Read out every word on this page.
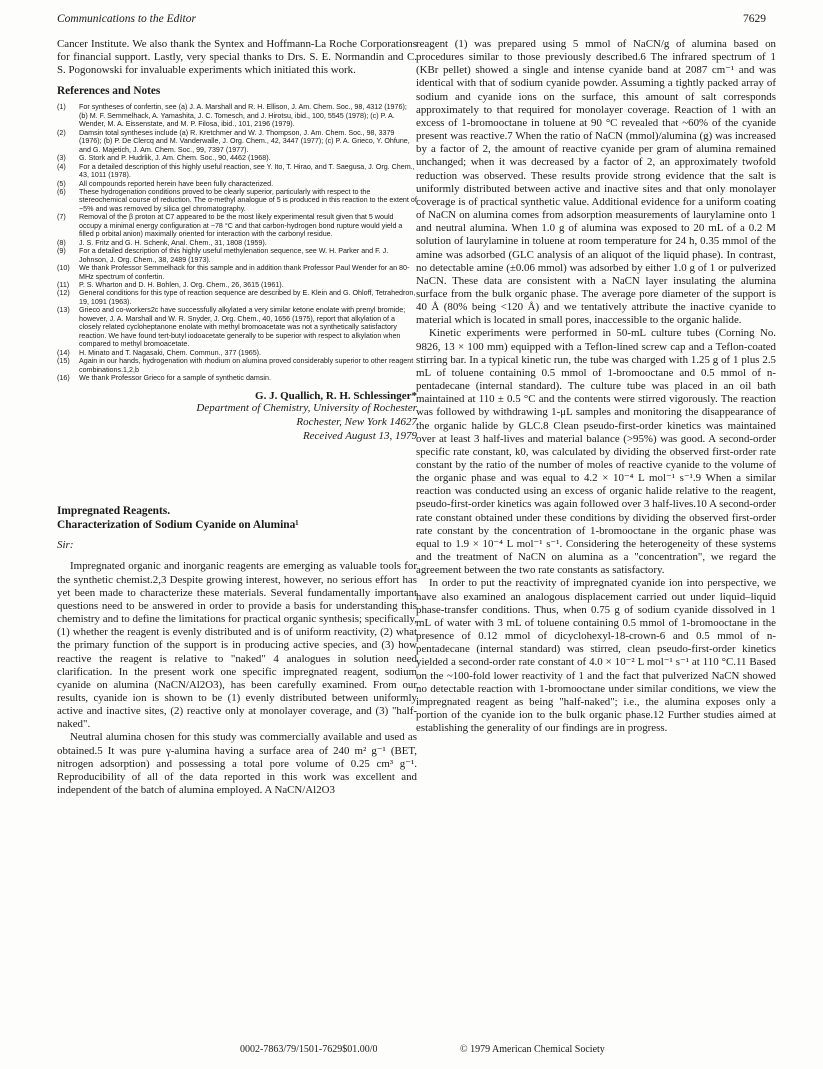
Communications to the Editor	7629

Cancer Institute. We also thank the Syntex and Hoffmann-La Roche Corporations for financial support. Lastly, very special thanks to Drs. S. E. Normandin and C. S. Pogonowski for invaluable experiments which initiated this work.

References and Notes
(1) For syntheses of confertin, see (a) J. A. Marshall and R. H. Ellison, J. Am. Chem. Soc., 98, 4312 (1976); (b) M. F. Semmelhack, A. Yamashita, J. C. Tomesch, and J. Hirotsu, ibid., 100, 5545 (1978); (c) P. A. Wender, M. A. Eissenstate, and M. P. Filosa, ibid., 101, 2196 (1979).
(2) Damsin total syntheses include (a) R. Kretchmer and W. J. Thompson, J. Am. Chem. Soc., 98, 3379 (1976); (b) P. De Clercq and M. Vanderwalle, J. Org. Chem., 42, 3447 (1977); (c) P. A. Grieco, Y. Ohfune, and G. Majetich, J. Am. Chem. Soc., 99, 7397 (1977).
(3) G. Stork and P. Hudrlik, J. Am. Chem. Soc., 90, 4462 (1968).
(4) For a detailed description of this highly useful reaction, see Y. Ito, T. Hirao, and T. Saegusa, J. Org. Chem., 43, 1011 (1978).
(5) All compounds reported herein have been fully characterized.
(6) These hydrogenation conditions proved to be clearly superior, particularly with respect to the stereochemical course of reduction. The α-methyl analogue of 5 is produced in this reaction to the extent of ~5% and was removed by silica gel chromatography.
(7) Removal of the β proton at C7 appeared to be the most likely experimental result given that 5 would occupy a minimal energy configuration at −78 °C and that carbon-hydrogen bond rupture would yield a filled p orbital anion) maximally oriented for interaction with the carbonyl residue.
(8) J. S. Fritz and G. H. Schenk, Anal. Chem., 31, 1808 (1959).
(9) For a detailed description of this highly useful methylenation sequence, see W. H. Parker and F. J. Johnson, J. Org. Chem., 38, 2489 (1973).
(10) We thank Professor Semmelhack for this sample and in addition thank Professor Paul Wender for an 80-MHz spectrum of confertin.
(11) P. S. Wharton and D. H. Bohlen, J. Org. Chem., 26, 3615 (1961).
(12) General conditions for this type of reaction sequence are described by E. Klein and G. Ohloff, Tetrahedron, 19, 1091 (1963).
(13) Grieco and co-workers2c have successfully alkylated a very similar ketone enolate with prenyl bromide; however, J. A. Marshall and W. R. Snyder, J. Org. Chem., 40, 1656 (1975), report that alkylation of a closely related cycloheptanone enolate with methyl bromoacetate was not a synthetically satisfactory reaction. We have found tert-butyl iodoacetate generally to be superior with respect to alkylation when compared to methyl bromoacetate.
(14) H. Minato and T. Nagasaki, Chem. Commun., 377 (1965).
(15) Again in our hands, hydrogenation with rhodium on alumina proved considerably superior to other reagent combinations.1,2,b
(16) We thank Professor Grieco for a sample of synthetic damsin.
G. J. Quallich, R. H. Schlessinger*
Department of Chemistry, University of Rochester
Rochester, New York 14627
Received August 13, 1979
Impregnated Reagents.
Characterization of Sodium Cyanide on Alumina¹
Sir:

Impregnated organic and inorganic reagents are emerging as valuable tools for the synthetic chemist.2,3 Despite growing interest, however, no serious effort has yet been made to characterize these materials. Several fundamentally important questions need to be answered in order to provide a basis for understanding this chemistry and to define the limitations for practical organic synthesis; specifically, (1) whether the reagent is evenly distributed and is of uniform reactivity, (2) what the primary function of the support is in producing active species, and (3) how reactive the reagent is relative to "naked" 4 analogues in solution need clarification. In the present work one specific impregnated reagent, sodium cyanide on alumina (NaCN/Al2O3), has been carefully examined. From our results, cyanide ion is shown to be (1) evenly distributed between uniformly active and inactive sites, (2) reactive only at monolayer coverage, and (3) "half-naked".

Neutral alumina chosen for this study was commercially available and used as obtained.5 It was pure γ-alumina having a surface area of 240 m² g⁻¹ (BET, nitrogen adsorption) and possessing a total pore volume of 0.25 cm³ g⁻¹. Reproducibility of all of the data reported in this work was excellent and independent of the batch of alumina employed. A NaCN/Al2O3

reagent (1) was prepared using 5 mmol of NaCN/g of alumina based on procedures similar to those previously described.6 The infrared spectrum of 1 (KBr pellet) showed a single and intense cyanide band at 2087 cm⁻¹ and was identical with that of sodium cyanide powder. Assuming a tightly packed array of sodium and cyanide ions on the surface, this amount of salt corresponds approximately to that required for monolayer coverage. Reaction of 1 with an excess of 1-bromooctane in toluene at 90 °C revealed that ~60% of the cyanide present was reactive.7 When the ratio of NaCN (mmol)/alumina (g) was increased by a factor of 2, the amount of reactive cyanide per gram of alumina remained unchanged; when it was decreased by a factor of 2, an approximately twofold reduction was observed. These results provide strong evidence that the salt is uniformly distributed between active and inactive sites and that only monolayer coverage is of practical synthetic value. Additional evidence for a uniform coating of NaCN on alumina comes from adsorption measurements of laurylamine onto 1 and neutral alumina. When 1.0 g of alumina was exposed to 20 mL of a 0.2 M solution of laurylamine in toluene at room temperature for 24 h, 0.35 mmol of the amine was adsorbed (GLC analysis of an aliquot of the liquid phase). In contrast, no detectable amine (±0.06 mmol) was adsorbed by either 1.0 g of 1 or pulverized NaCN. These data are consistent with a NaCN layer insulating the alumina surface from the bulk organic phase. The average pore diameter of the support is 40 Å (80% being <120 Å) and we tentatively attribute the inactive cyanide to material which is located in small pores, inaccessible to the organic halide.

Kinetic experiments were performed in 50-mL culture tubes (Corning No. 9826, 13 × 100 mm) equipped with a Teflon-lined screw cap and a Teflon-coated stirring bar. In a typical kinetic run, the tube was charged with 1.25 g of 1 plus 2.5 mL of toluene containing 0.5 mmol of 1-bromooctane and 0.5 mmol of n-pentadecane (internal standard). The culture tube was placed in an oil bath maintained at 110 ± 0.5 °C and the contents were stirred vigorously. The reaction was followed by withdrawing 1-μL samples and monitoring the disappearance of the organic halide by GLC.8 Clean pseudo-first-order kinetics was maintained over at least 3 half-lives and material balance (>95%) was good. A second-order specific rate constant, k0, was calculated by dividing the observed first-order rate constant by the ratio of the number of moles of reactive cyanide to the volume of the organic phase and was equal to 4.2 × 10⁻⁴ L mol⁻¹ s⁻¹.9 When a similar reaction was conducted using an excess of organic halide relative to the reagent, pseudo-first-order kinetics was again followed over 3 half-lives.10 A second-order rate constant obtained under these conditions by dividing the observed first-order rate constant by the concentration of 1-bromooctane in the organic phase was equal to 1.9 × 10⁻⁴ L mol⁻¹ s⁻¹. Considering the heterogeneity of these systems and the treatment of NaCN on alumina as a "concentration", we regard the agreement between the two rate constants as satisfactory.

In order to put the reactivity of impregnated cyanide ion into perspective, we have also examined an analogous displacement carried out under liquid–liquid phase-transfer conditions. Thus, when 0.75 g of sodium cyanide dissolved in 1 mL of water with 3 mL of toluene containing 0.5 mmol of 1-bromooctane in the presence of 0.12 mmol of dicyclohexyl-18-crown-6 and 0.5 mmol of n-pentadecane (internal standard) was stirred, clean pseudo-first-order kinetics yielded a second-order rate constant of 4.0 × 10⁻² L mol⁻¹ s⁻¹ at 110 °C.11 Based on the ~100-fold lower reactivity of 1 and the fact that pulverized NaCN showed no detectable reaction with 1-bromooctane under similar conditions, we view the impregnated reagent as being "half-naked"; i.e., the alumina exposes only a portion of the cyanide ion to the bulk organic phase.12 Further studies aimed at establishing the generality of our findings are in progress.

0002-7863/79/1501-7629$01.00/0	© 1979 American Chemical Society
